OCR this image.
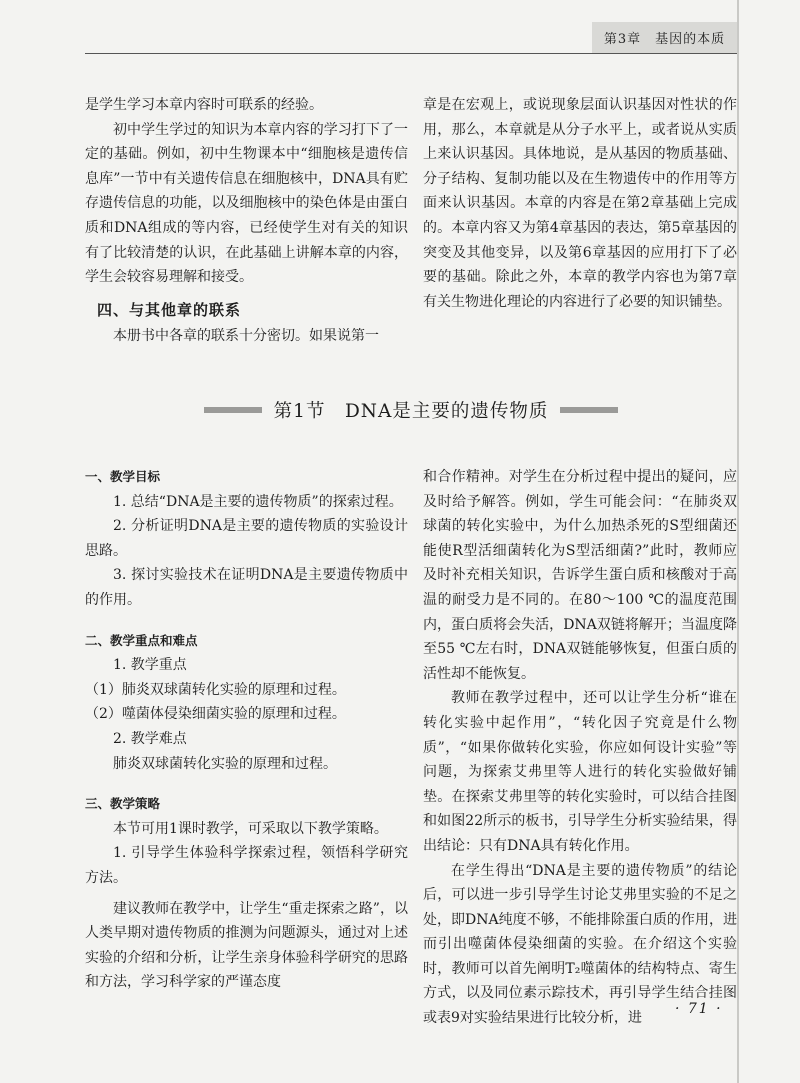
第3章　基因的本质

是学生学习本章内容时可联系的经验。

初中学生学过的知识为本章内容的学习打下了一定的基础。例如，初中生物课本中“细胞核是遗传信息库”一节中有关遗传信息在细胞核中，DNA具有贮存遗传信息的功能，以及细胞核中的染色体是由蛋白质和DNA组成的等内容，已经使学生对有关的知识有了比较清楚的认识，在此基础上讲解本章的内容，学生会较容易理解和接受。

四、与其他章的联系

本册书中各章的联系十分密切。如果说第一

章是在宏观上，或说现象层面认识基因对性状的作用，那么，本章就是从分子水平上，或者说从实质上来认识基因。具体地说，是从基因的物质基础、分子结构、复制功能以及在生物遗传中的作用等方面来认识基因。本章的内容是在第2章基础上完成的。本章内容又为第4章基因的表达，第5章基因的突变及其他变异，以及第6章基因的应用打下了必要的基础。除此之外，本章的教学内容也为第7章有关生物进化理论的内容进行了必要的知识铺垫。

第1节　DNA是主要的遗传物质

一、教学目标

1. 总结“DNA是主要的遗传物质”的探索过程。

2. 分析证明DNA是主要的遗传物质的实验设计思路。

3. 探讨实验技术在证明DNA是主要遗传物质中的作用。

二、教学重点和难点

1. 教学重点

（1）肺炎双球菌转化实验的原理和过程。

（2）噬菌体侵染细菌实验的原理和过程。

2. 教学难点

肺炎双球菌转化实验的原理和过程。

三、教学策略

本节可用1课时教学，可采取以下教学策略。

1. 引导学生体验科学探索过程，领悟科学研究方法。

建议教师在教学中，让学生“重走探索之路”，以人类早期对遗传物质的推测为问题源头，通过对上述实验的介绍和分析，让学生亲身体验科学研究的思路和方法，学习科学家的严谨态度

和合作精神。对学生在分析过程中提出的疑问，应及时给予解答。例如，学生可能会问：“在肺炎双球菌的转化实验中，为什么加热杀死的S型细菌还能使R型活细菌转化为S型活细菌?”此时，教师应及时补充相关知识，告诉学生蛋白质和核酸对于高温的耐受力是不同的。在80～100 ℃的温度范围内，蛋白质将会失活，DNA双链将解开；当温度降至55 ℃左右时，DNA双链能够恢复，但蛋白质的活性却不能恢复。

教师在教学过程中，还可以让学生分析“谁在转化实验中起作用”，“转化因子究竟是什么物质”，“如果你做转化实验，你应如何设计实验”等问题，为探索艾弗里等人进行的转化实验做好铺垫。在探索艾弗里等的转化实验时，可以结合挂图和如图22所示的板书，引导学生分析实验结果，得出结论：只有DNA具有转化作用。

在学生得出“DNA是主要的遗传物质”的结论后，可以进一步引导学生讨论艾弗里实验的不足之处，即DNA纯度不够，不能排除蛋白质的作用，进而引出噬菌体侵染细菌的实验。在介绍这个实验时，教师可以首先阐明T₂噬菌体的结构特点、寄生方式，以及同位素示踪技术，再引导学生结合挂图或表9对实验结果进行比较分析，进

· 71 ·
